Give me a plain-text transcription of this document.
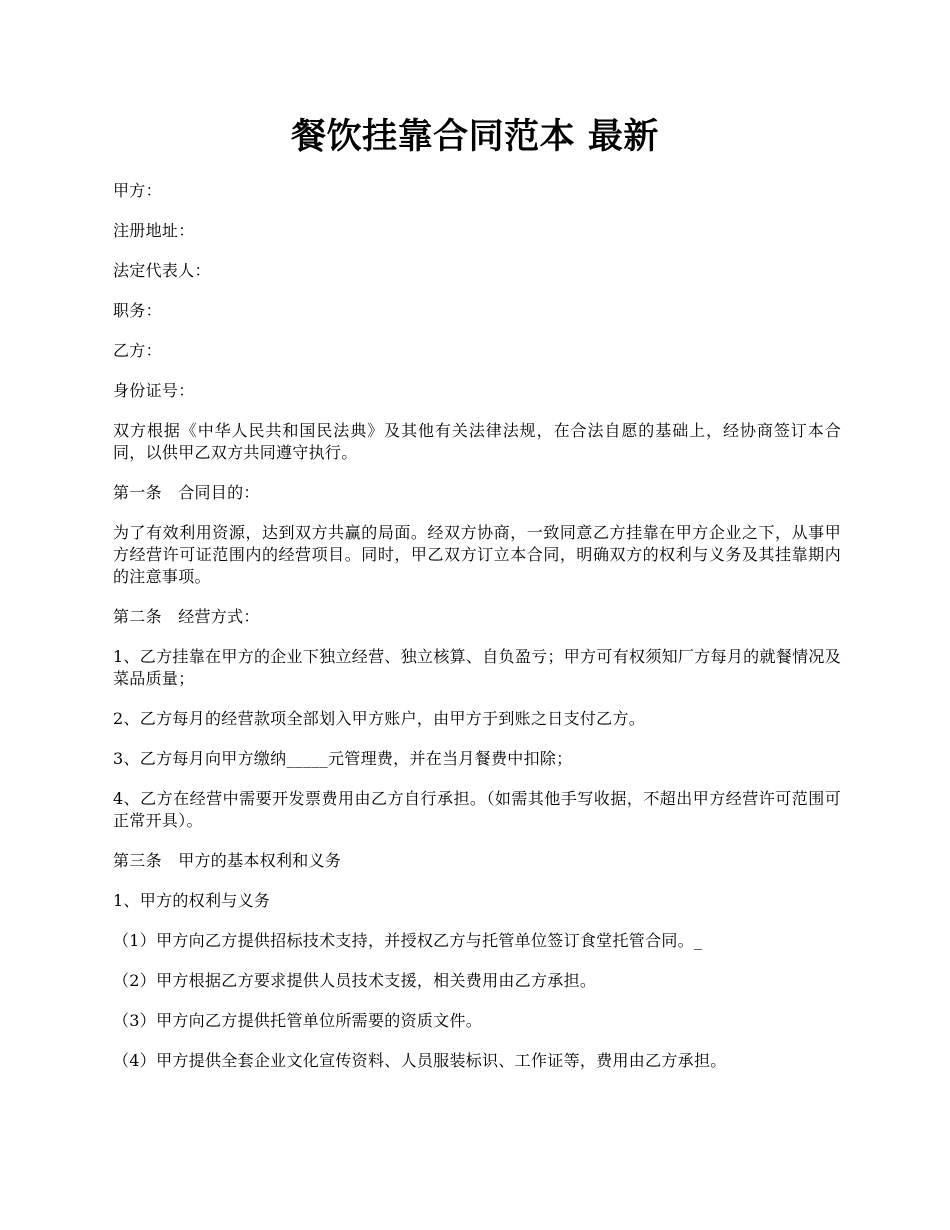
餐饮挂靠合同范本 最新

甲方：

注册地址：

法定代表人：

职务：

乙方：

身份证号：

双方根据《中华人民共和国民法典》及其他有关法律法规，在合法自愿的基础上，经协商签订本合同，以供甲乙双方共同遵守执行。

第一条　合同目的：

为了有效利用资源，达到双方共赢的局面。经双方协商，一致同意乙方挂靠在甲方企业之下，从事甲方经营许可证范围内的经营项目。同时，甲乙双方订立本合同，明确双方的权利与义务及其挂靠期内的注意事项。

第二条　经营方式：

1、乙方挂靠在甲方的企业下独立经营、独立核算、自负盈亏；甲方可有权须知厂方每月的就餐情况及菜品质量；

2、乙方每月的经营款项全部划入甲方账户，由甲方于到账之日支付乙方。

3、乙方每月向甲方缴纳_____元管理费，并在当月餐费中扣除；

4、乙方在经营中需要开发票费用由乙方自行承担。（如需其他手写收据，不超出甲方经营许可范围可正常开具）。

第三条　甲方的基本权利和义务

1、甲方的权利与义务

（1）甲方向乙方提供招标技术支持，并授权乙方与托管单位签订食堂托管合同。_

（2）甲方根据乙方要求提供人员技术支援，相关费用由乙方承担。

（3）甲方向乙方提供托管单位所需要的资质文件。

（4）甲方提供全套企业文化宣传资料、人员服装标识、工作证等，费用由乙方承担。
